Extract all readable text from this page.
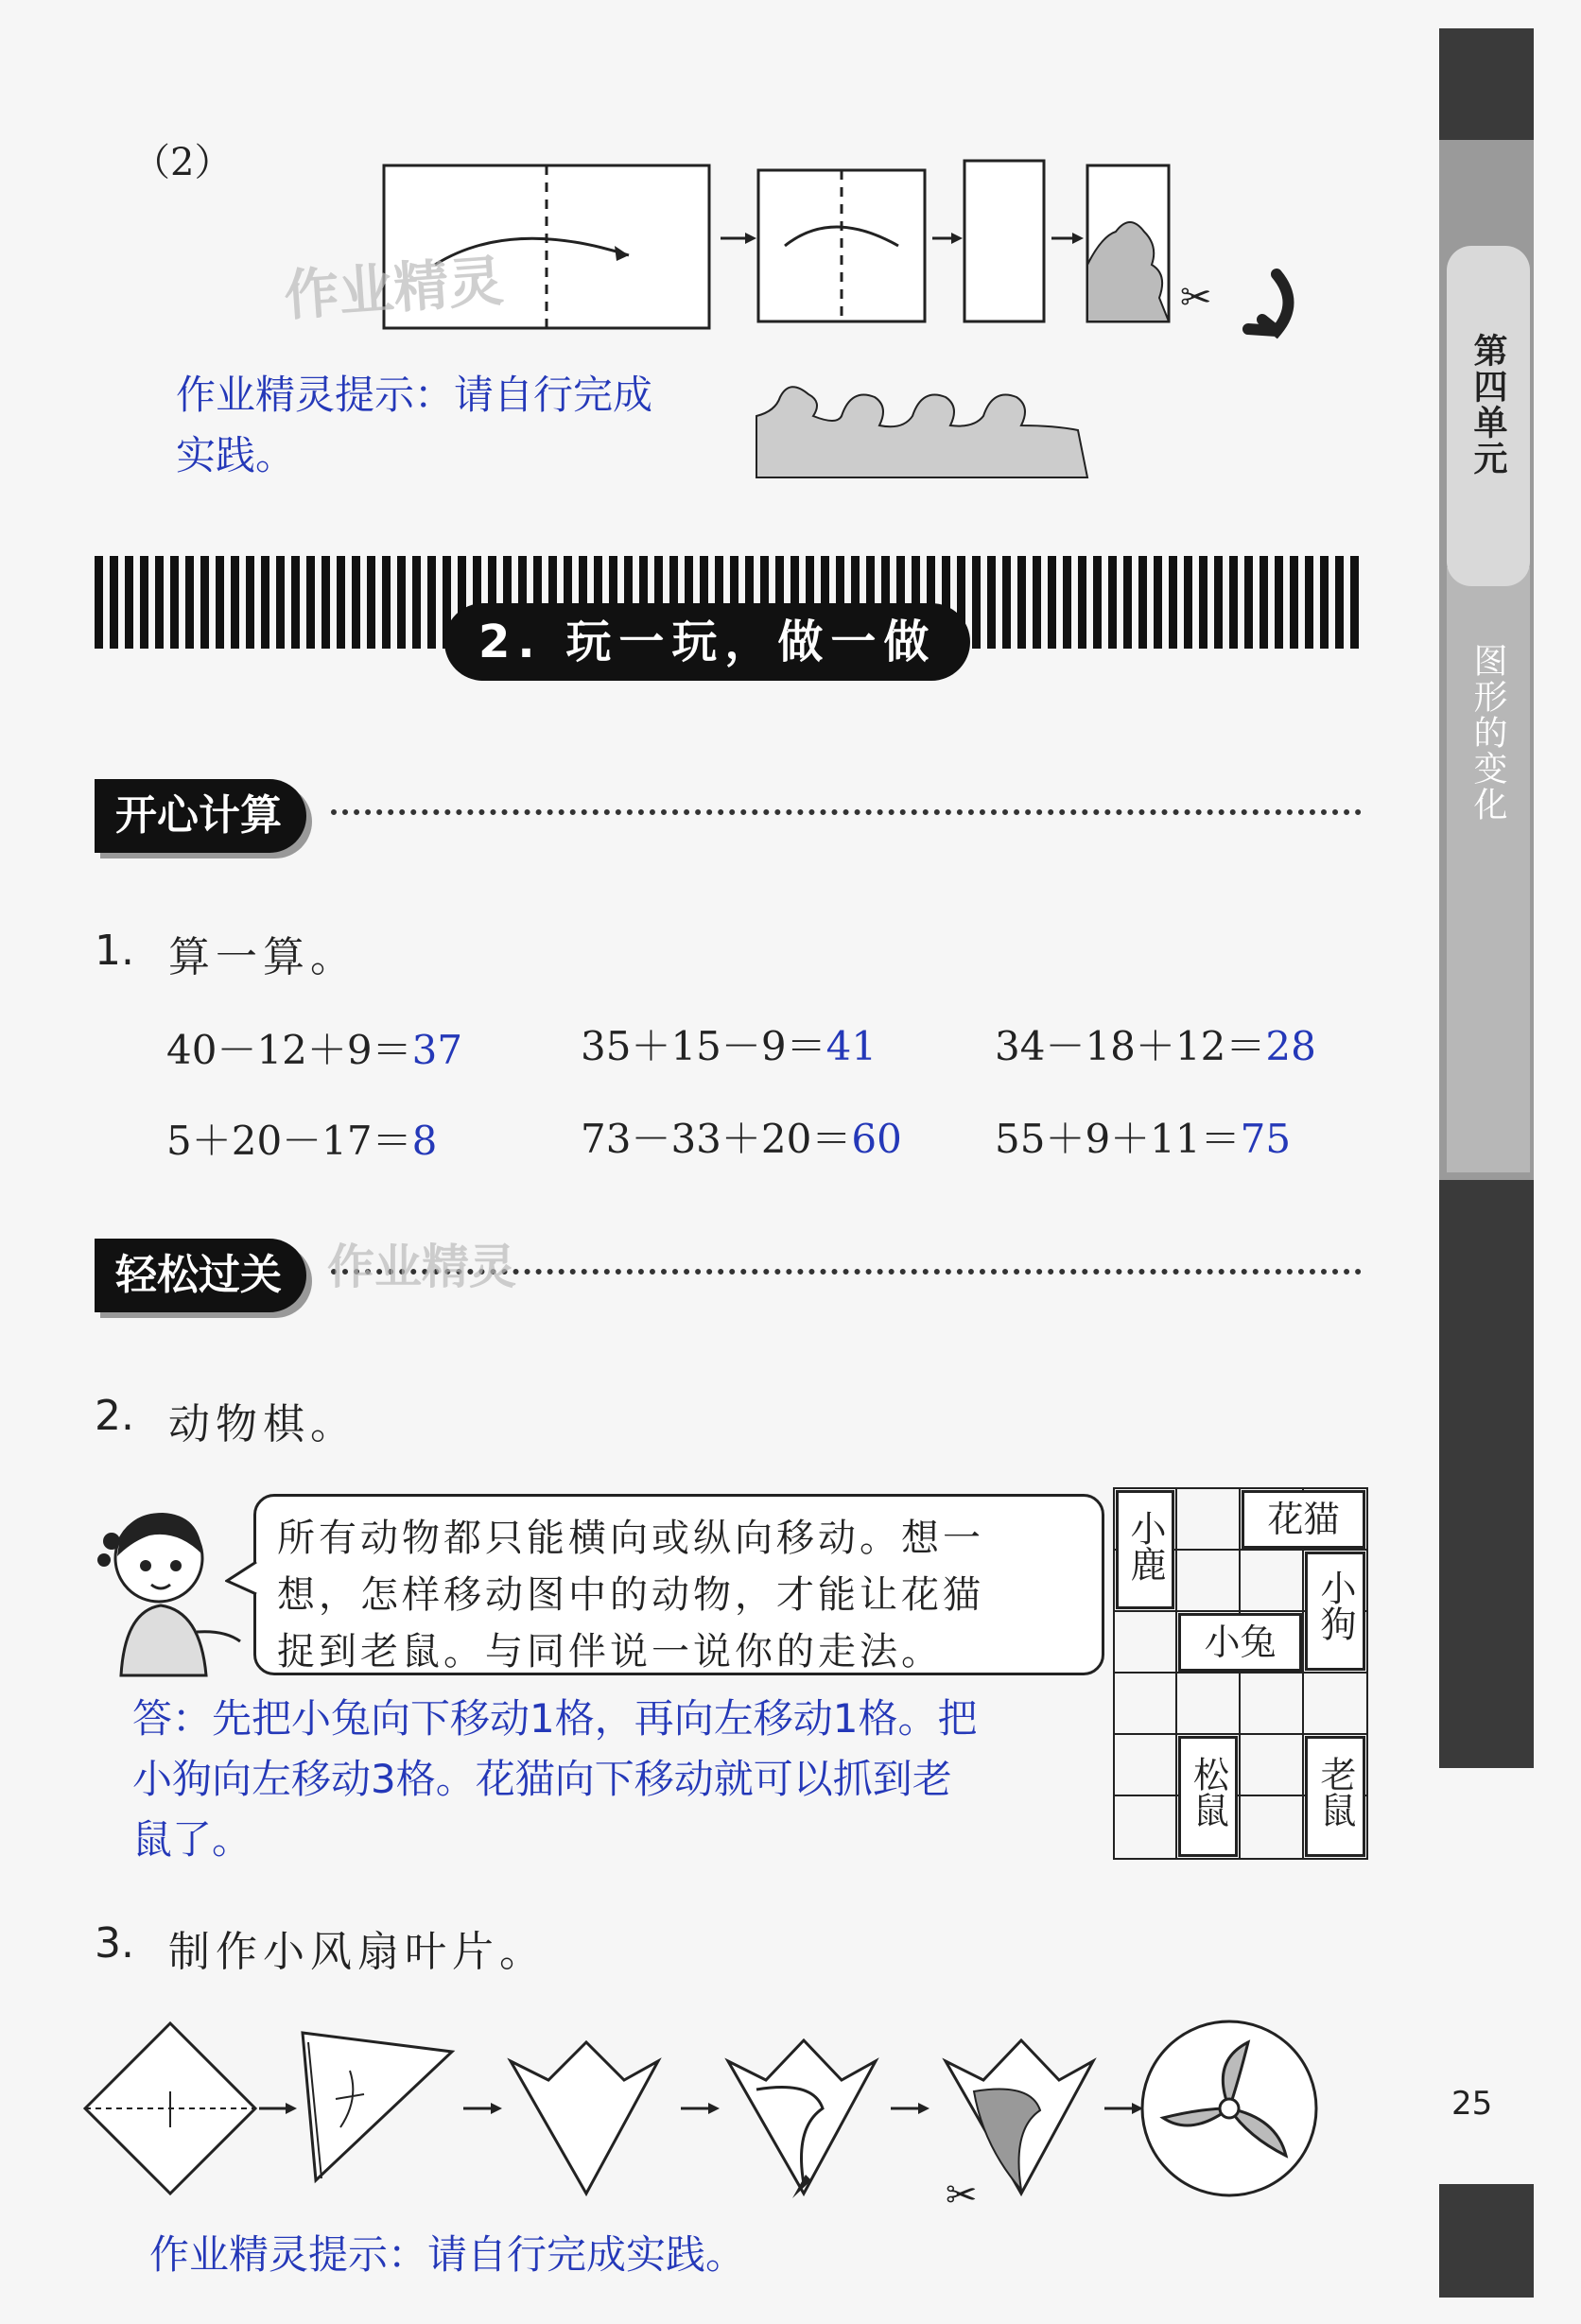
第四单元
图形的变化
25
（2）
✂
作业精灵
作业精灵提示：请自行完成
实践。
2. 玩一玩，做一做
开心计算
1. 算一算。
40－12＋9＝37	35＋15－9＝41	34－18＋12＝28
5＋20－17＝8	73－33＋20＝60 55＋9＋11＝75
轻松过关 作业精灵
2. 动物棋。
所有动物都只能横向或纵向移动。想一
想，怎样移动图中的动物，才能让花猫
捉到老鼠。与同伴说一说你的走法。
答：先把小兔向下移动1格，再向左移动1格。把
小狗向左移动3格。花猫向下移动就可以抓到老
鼠了。
小鹿	花猫
小狗
小兔
松鼠 老鼠
3. 制作小风扇叶片。
✂
作业精灵提示：请自行完成实践。
